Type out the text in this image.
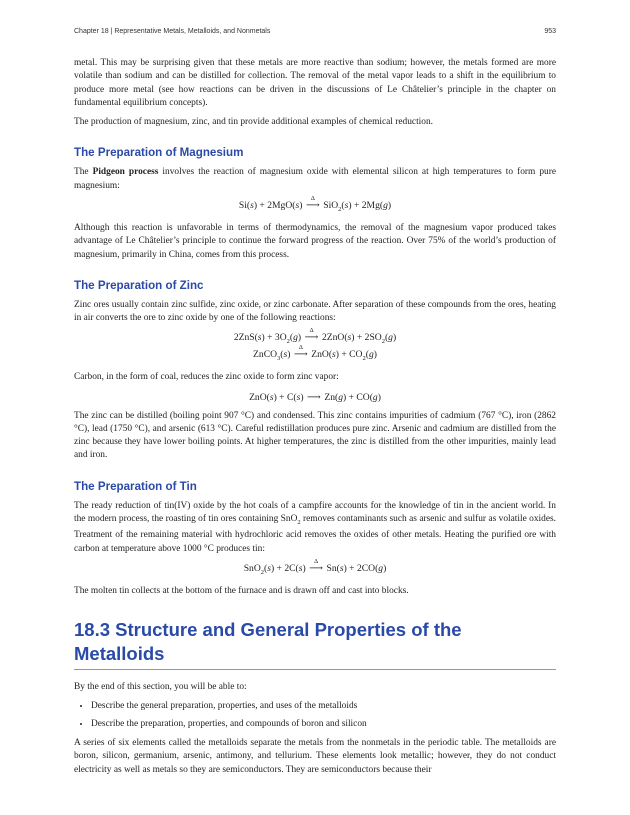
Chapter 18 | Representative Metals, Metalloids, and Nonmetals	953

metal. This may be surprising given that these metals are more reactive than sodium; however, the metals formed are more volatile than sodium and can be distilled for collection. The removal of the metal vapor leads to a shift in the equilibrium to produce more metal (see how reactions can be driven in the discussions of Le Châtelier’s principle in the chapter on fundamental equilibrium concepts).

The production of magnesium, zinc, and tin provide additional examples of chemical reduction.

The Preparation of Magnesium

The Pidgeon process involves the reaction of magnesium oxide with elemental silicon at high temperatures to form pure magnesium:

Si(s) + 2MgO(s)
Δ
⟶ SiO$_2$(s) + 2Mg(g)

Although this reaction is unfavorable in terms of thermodynamics, the removal of the magnesium vapor produced takes advantage of Le Châtelier’s principle to continue the forward progress of the reaction. Over 75% of the world’s production of magnesium, primarily in China, comes from this process.

The Preparation of Zinc

Zinc ores usually contain zinc sulfide, zinc oxide, or zinc carbonate. After separation of these compounds from the ores, heating in air converts the ore to zinc oxide by one of the following reactions:

$2ZnS(s) + 3O_2(g)$
Δ
⟶ $2ZnO(s) + 2SO_2(g)$
ZnCO$_3$(s)
Δ
⟶ $ZnO(s) + CO_2(g)$

Carbon, in the form of coal, reduces the zinc oxide to form zinc vapor:

ZnO(s) + C(s) ⟶ Zn(g) + CO(g)

The zinc can be distilled (boiling point 907 °C) and condensed. This zinc contains impurities of cadmium (767 °C), iron (2862 °C), lead (1750 °C), and arsenic (613 °C). Careful redistillation produces pure zinc. Arsenic and cadmium are distilled from the zinc because they have lower boiling points. At higher temperatures, the zinc is distilled from the other impurities, mainly lead and iron.

The Preparation of Tin

The ready reduction of tin(IV) oxide by the hot coals of a campfire accounts for the knowledge of tin in the ancient world. In the modern process, the roasting of tin ores containing SnO$_2$ removes contaminants such as arsenic and sulfur as volatile oxides. Treatment of the remaining material with hydrochloric acid removes the oxides of other metals. Heating the purified ore with carbon at temperature above 1000 °C produces tin:

SnO$_2$(s) + 2C(s)
Δ
⟶ Sn(s) + 2CO(g)

The molten tin collects at the bottom of the furnace and is drawn off and cast into blocks.

18.3 Structure and General Properties of the Metalloids

By the end of this section, you will be able to:

• Describe the general preparation, properties, and uses of the metalloids
• Describe the preparation, properties, and compounds of boron and silicon

A series of six elements called the metalloids separate the metals from the nonmetals in the periodic table. The metalloids are boron, silicon, germanium, arsenic, antimony, and tellurium. These elements look metallic; however, they do not conduct electricity as well as metals so they are semiconductors. They are semiconductors because their
